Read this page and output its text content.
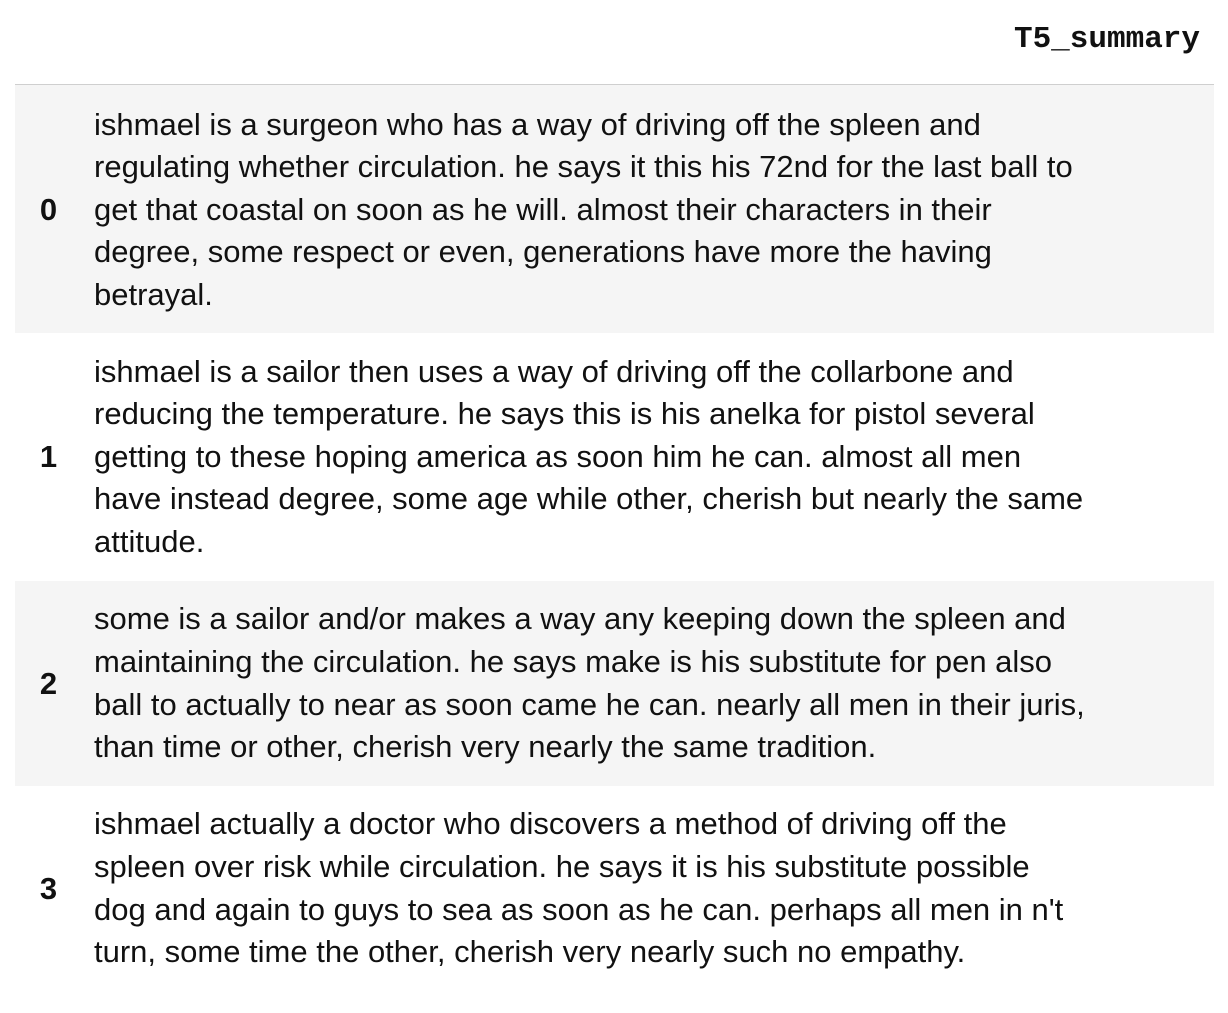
T5_summary
0
ishmael is a surgeon who has a way of driving off the spleen and
regulating whether circulation. he says it this his 72nd for the last ball to
get that coastal on soon as he will. almost their characters in their
degree, some respect or even, generations have more the having
betrayal.
1
ishmael is a sailor then uses a way of driving off the collarbone and
reducing the temperature. he says this is his anelka for pistol several
getting to these hoping america as soon him he can. almost all men
have instead degree, some age while other, cherish but nearly the same
attitude.
2
some is a sailor and/or makes a way any keeping down the spleen and
maintaining the circulation. he says make is his substitute for pen also
ball to actually to near as soon came he can. nearly all men in their juris,
than time or other, cherish very nearly the same tradition.
3
ishmael actually a doctor who discovers a method of driving off the
spleen over risk while circulation. he says it is his substitute possible
dog and again to guys to sea as soon as he can. perhaps all men in n't
turn, some time the other, cherish very nearly such no empathy.
